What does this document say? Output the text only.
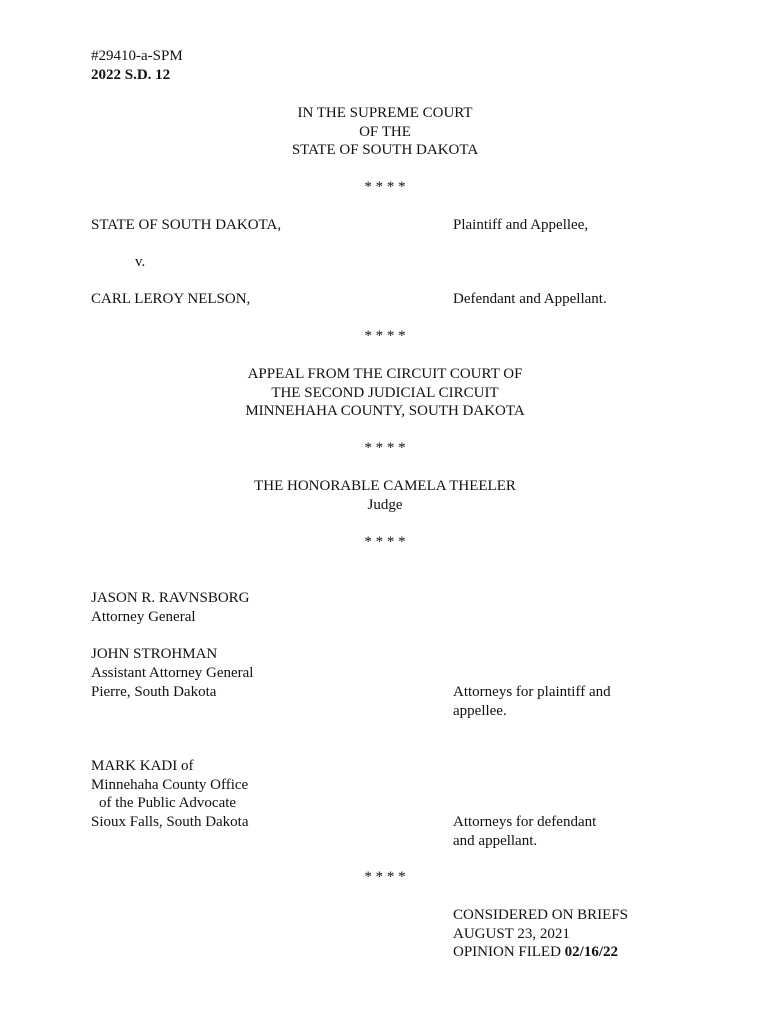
#29410-a-SPM
2022 S.D. 12
IN THE SUPREME COURT
OF THE
STATE OF SOUTH DAKOTA
* * * *
STATE OF SOUTH DAKOTA,	Plaintiff and Appellee,
v.
CARL LEROY NELSON,	Defendant and Appellant.
* * * *
APPEAL FROM THE CIRCUIT COURT OF
THE SECOND JUDICIAL CIRCUIT
MINNEHAHA COUNTY, SOUTH DAKOTA
* * * *
THE HONORABLE CAMELA THEELER
Judge
* * * *
JASON R. RAVNSBORG
Attorney General
JOHN STROHMAN
Assistant Attorney General
Pierre, South Dakota	Attorneys for plaintiff and
appellee.
MARK KADI of
Minnehaha County Office
of the Public Advocate
Sioux Falls, South Dakota	Attorneys for defendant
and appellant.
* * * *
CONSIDERED ON BRIEFS
AUGUST 23, 2021
OPINION FILED 02/16/22
